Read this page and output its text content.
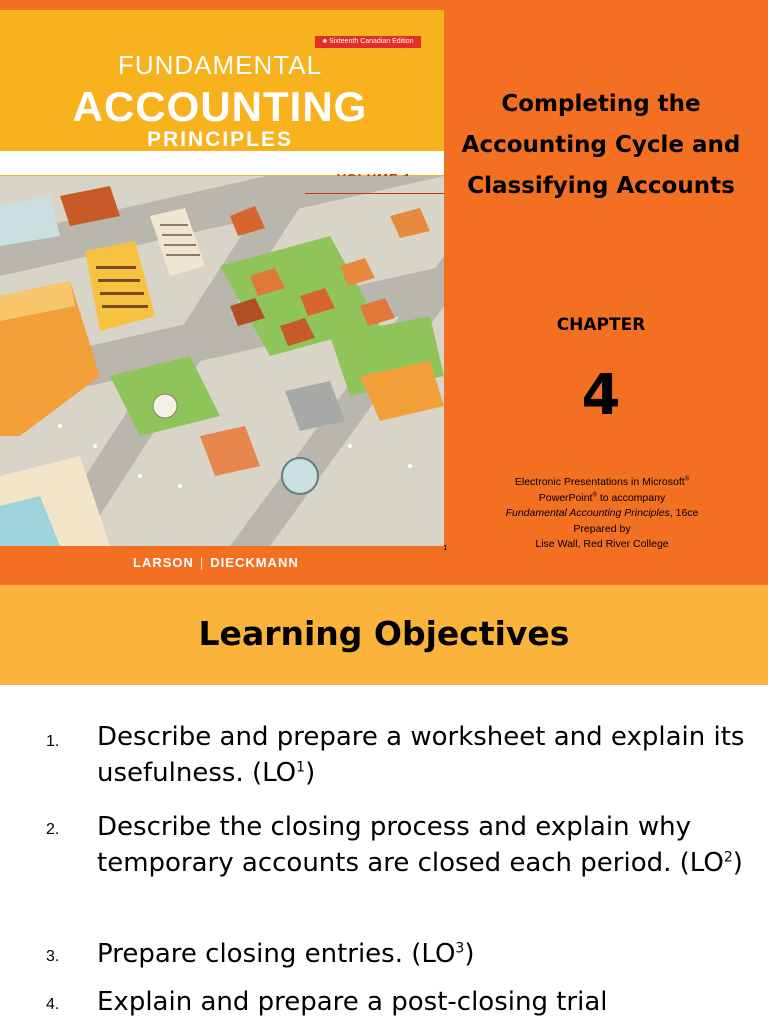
♣ Sixteenth Canadian Edition
FUNDAMENTAL
ACCOUNTING
PRINCIPLES
LARSON | DIECKMANN
1
Completing the Accounting Cycle and Classifying Accounts
CHAPTER
4
Electronic Presentations in Microsoft®
PowerPoint® to accompany
Fundamental Accounting Principles, 16ce
Prepared by
Lise Wall, Red River College
Learning Objectives
1. Describe and prepare a worksheet and explain its usefulness. $(LO^1)$
2. Describe the closing process and explain why temporary accounts are closed each period. $(LO^2)$
3. Prepare closing entries. $(LO^3)$
4. Explain and prepare a post-closing trial
